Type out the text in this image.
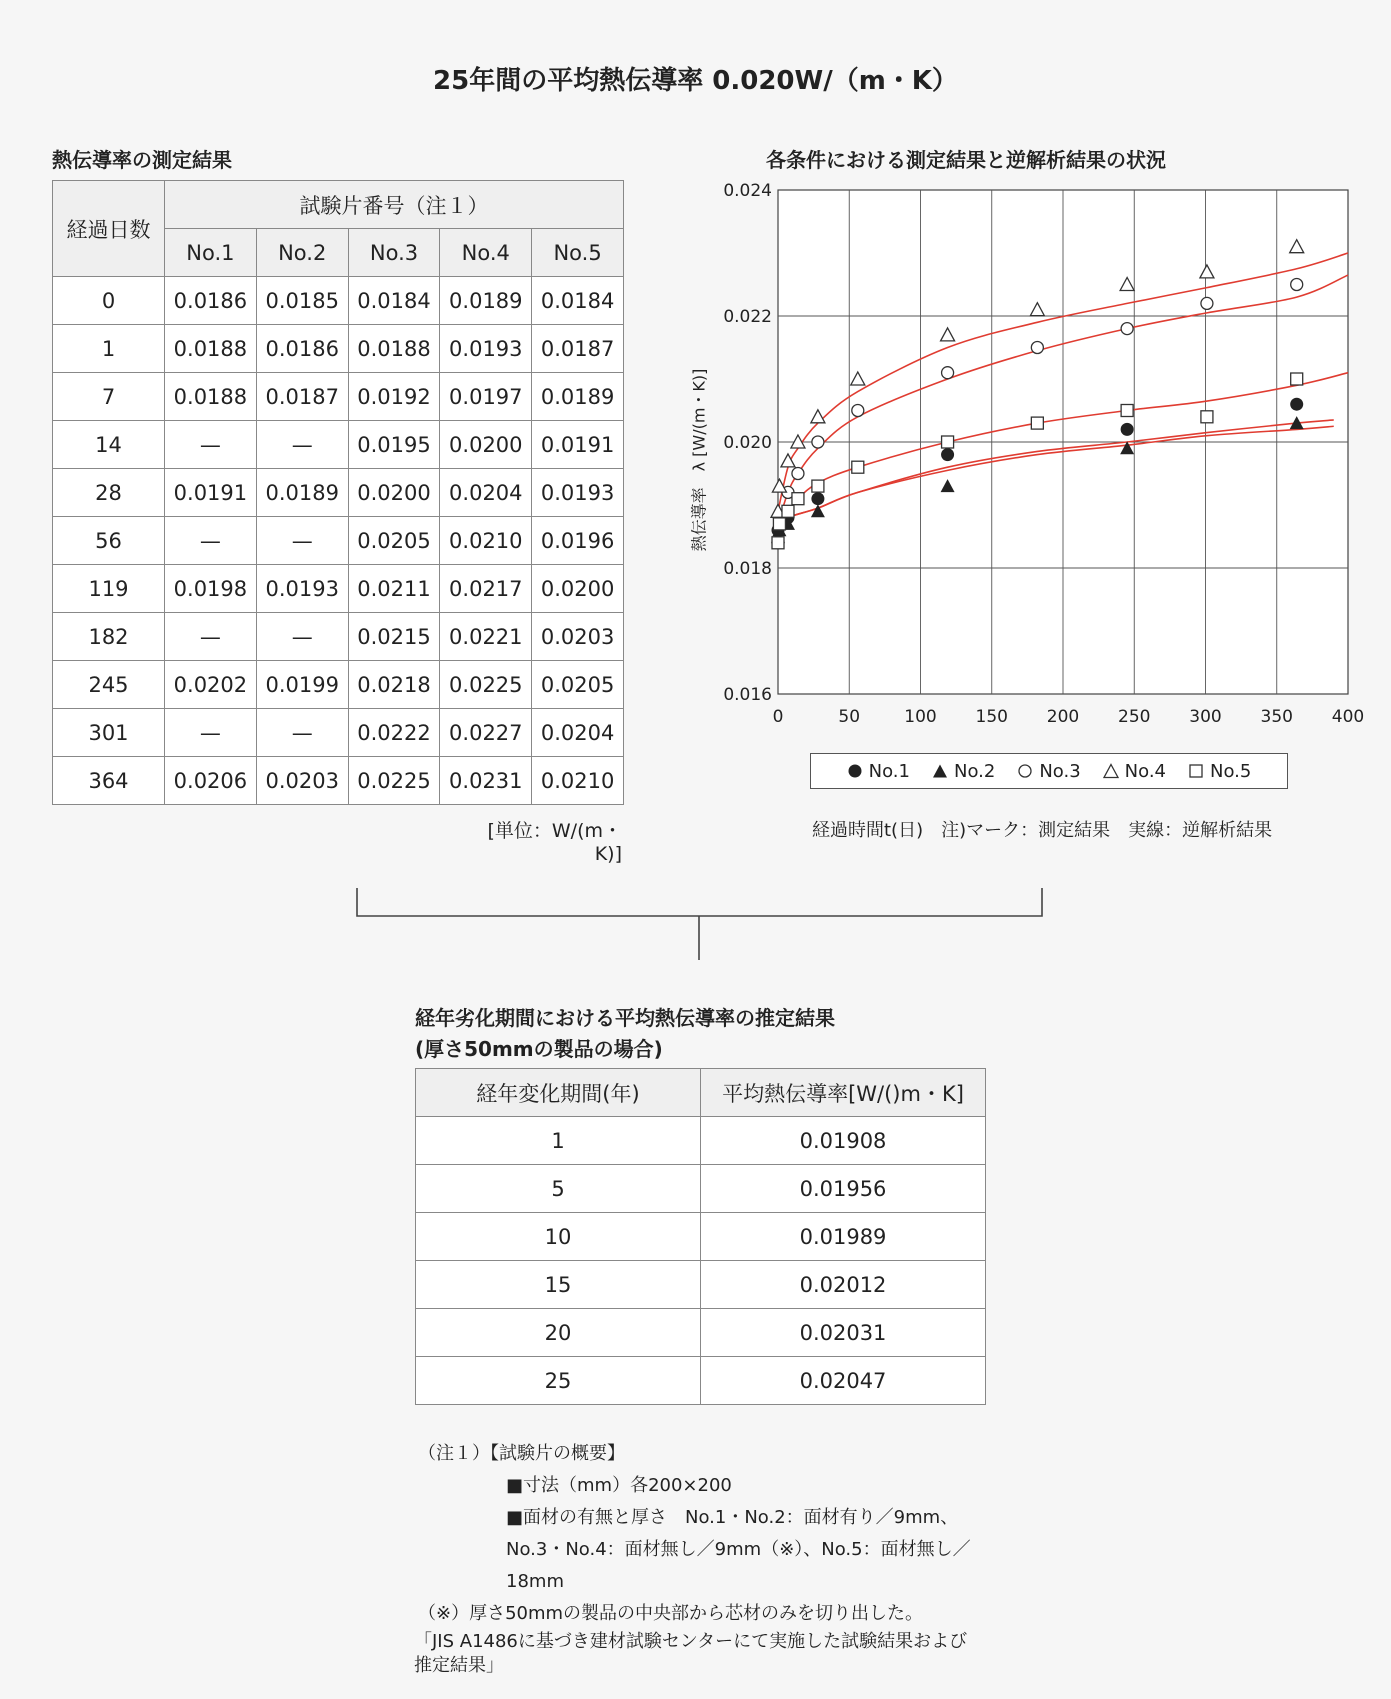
25年間の平均熱伝導率 0.020W/（m・K）
熱伝導率の測定結果
経過日数	試験片番号（注１）				
	No.1	No.2	No.3	No.4	No.5
0	0.0186	0.0185	0.0184	0.0189	0.0184
1	0.0188	0.0186	0.0188	0.0193	0.0187
7	0.0188	0.0187	0.0192	0.0197	0.0189
14	—	—	0.0195	0.0200	0.0191
28	0.0191	0.0189	0.0200	0.0204	0.0193
56	—	—	0.0205	0.0210	0.0196
119	0.0198	0.0193	0.0211	0.0217	0.0200
182	—	—	0.0215	0.0221	0.0203
245	0.0202	0.0199	0.0218	0.0225	0.0205
301	—	—	0.0222	0.0227	0.0204
364	0.0206	0.0203	0.0225	0.0231	0.0210
[単位：W/(m・K)]
各条件における測定結果と逆解析結果の状況
熱伝導率　λ [W/(m・K)]
0	50	100 150 200 250 300 350 400
0.016
0.018
0.020
0.022
0.024
No.1 No.2 No.3 No.4 No.5
経過時間t(日)　注)マーク：測定結果　実線：逆解析結果
経年劣化期間における平均熱伝導率の推定結果
(厚さ50mmの製品の場合)
経年変化期間(年)	平均熱伝導率[W/()m・K]
1	0.01908
5	0.01956
10	0.01989
15	0.02012
20	0.02031
25	0.02047
（注１）【試験片の概要】
■寸法（mm）各200×200
■面材の有無と厚さ　No.1・No.2：面材有り／9mm、
No.3・No.4：面材無し／9mm（※）、No.5：面材無し／
18mm
（※）厚さ50mmの製品の中央部から芯材のみを切り出した。
「JIS A1486に基づき建材試験センターにて実施した試験結果および
推定結果」
